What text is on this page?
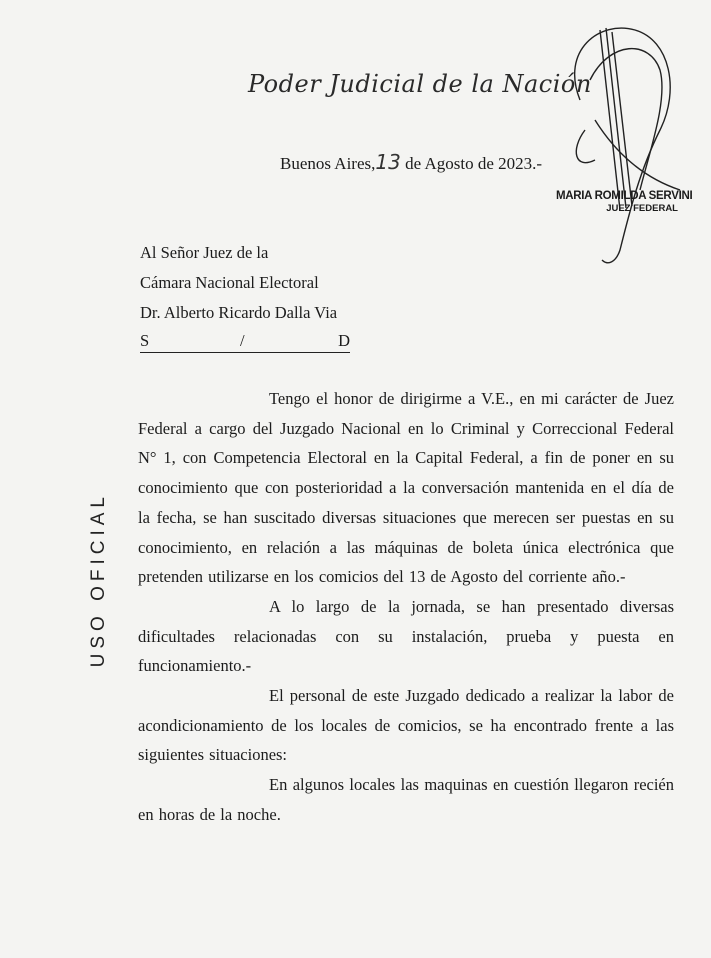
Poder Judicial de la Nación
Buenos Aires,13 de Agosto de 2023.-
MARIA ROMILDA SERVINI
JUEZ FEDERAL
Al Señor Juez de la
Cámara Nacional Electoral
Dr. Alberto Ricardo Dalla Via
S	/	D
Tengo el honor de dirigirme a V.E., en mi carácter de Juez Federal a cargo del Juzgado Nacional en lo Criminal y Correccional Federal N° 1, con Competencia Electoral en la Capital Federal, a fin de poner en su conocimiento que con posterioridad a la conversación mantenida en el día de la fecha, se han suscitado diversas situaciones que merecen ser puestas en su conocimiento, en relación a las máquinas de boleta única electrónica que pretenden utilizarse en los comicios del 13 de Agosto del corriente año.-
A lo largo de la jornada, se han presentado diversas dificultades relacionadas con su instalación, prueba y puesta en funcionamiento.-
El personal de este Juzgado dedicado a realizar la labor de acondicionamiento de los locales de comicios, se ha encontrado frente a las siguientes situaciones:
En algunos locales las maquinas en cuestión llegaron recién en horas de la noche.
USO OFICIAL
